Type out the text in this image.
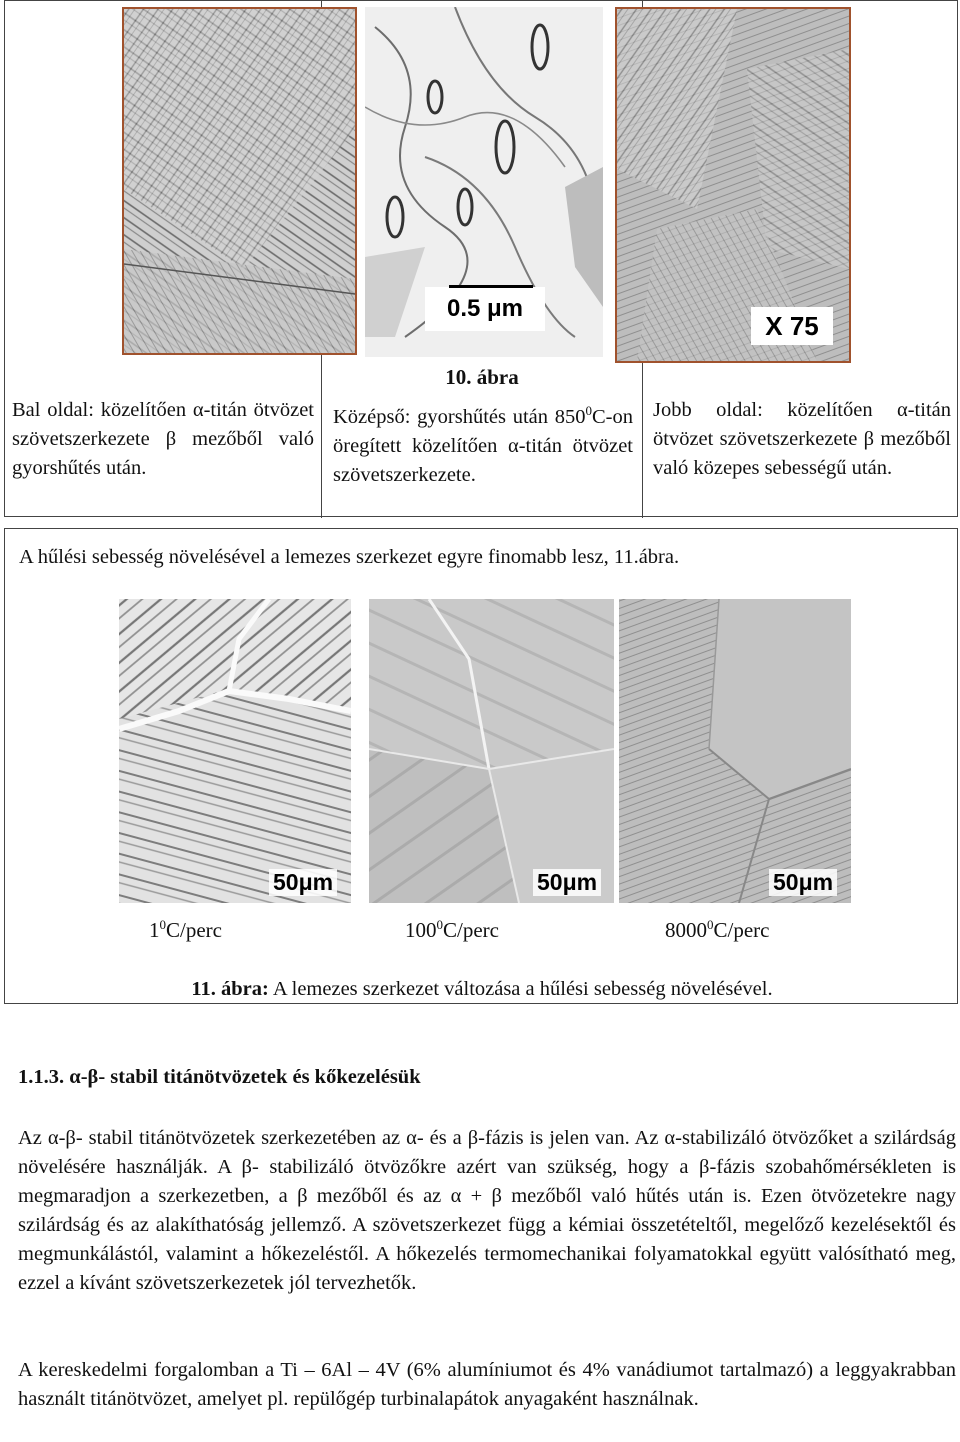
0.5 μm
X 75
10. ábra

Bal oldal: közelítően α-titán ötvözet szövetszerkezete β mezőből való gyorshűtés után.

Középső: gyorshűtés után $850^0C-on$ öregített közelítően α-titán ötvözet szövetszerkezete.

Jobb oldal: közelítően α-titán ötvözet szövetszerkezete β mezőből való közepes sebességű után.

A hűlési sebesség növelésével a lemezes szerkezet egyre finomabb lesz, 11.ábra.
50μm	50μm	50μm
$1^0C$/perc	$100^0C$/perc	8000$^0$C/perc
11. ábra: A lemezes szerkezet változása a hűlési sebesség növelésével.
1.1.3. α-β- stabil titánötvözetek és kőkezelésük
Az α-β- stabil titánötvözetek szerkezetében az α- és a β-fázis is jelen van. Az α-stabilizáló ötvözőket a szilárdság növelésére használják. A β- stabilizáló ötvözőkre azért van szükség, hogy a β-fázis szobahőmérsékleten is megmaradjon a szerkezetben, a β mezőből és az α + β mezőből való hűtés után is. Ezen ötvözetekre nagy szilárdság és az alakíthatóság jellemző. A szövetszerkezet függ a kémiai összetételtől, megelőző kezelésektől és megmunkálástól, valamint a hőkezeléstől. A hőkezelés termomechanikai folyamatokkal együtt valósítható meg, ezzel a kívánt szövetszerkezetek jól tervezhetők.
A kereskedelmi forgalomban a Ti – 6Al – 4V (6% alumíniumot és 4% vanádiumot tartalmazó) a leggyakrabban használt titánötvözet, amelyet pl. repülőgép turbinalapátok anyagaként használnak.
